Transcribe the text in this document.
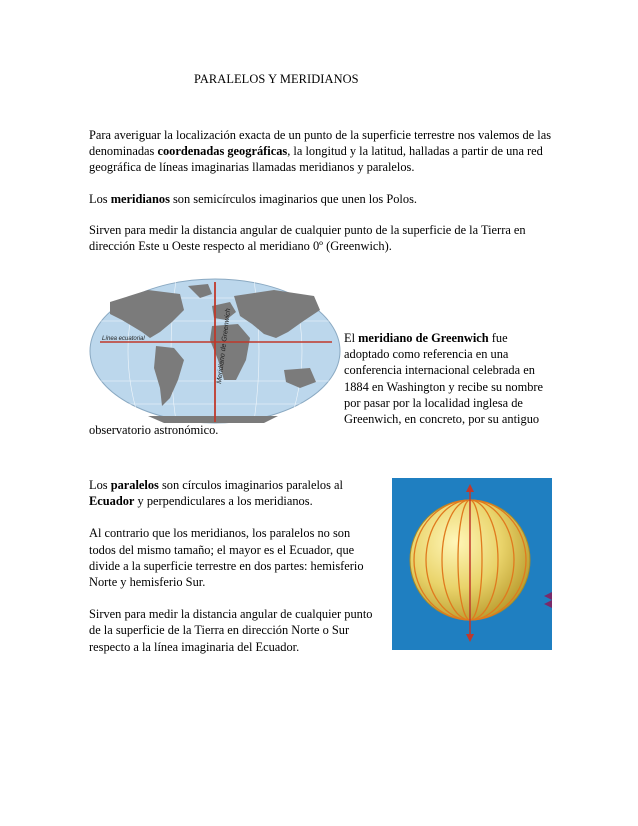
PARALELOS Y MERIDIANOS

Para averiguar la localización exacta de un punto de la superficie terrestre nos valemos de las denominadas coordenadas geográficas, la longitud y la latitud, halladas a partir de una red geográfica de líneas imaginarias llamadas meridianos y paralelos.

Los meridianos son semicírculos imaginarios que unen los Polos.

Sirven para medir la distancia angular de cualquier punto de la superficie de la Tierra en dirección Este u Oeste respecto al meridiano 0º (Greenwich).

Línea ecuatorial	Meridiano de Greenwich	El meridiano de Greenwich fue adoptado como referencia en una conferencia internacional celebrada en 1884 en Washington y recibe su nombre por pasar por la localidad inglesa de Greenwich, en concreto, por su antiguo
observatorio astronómico.

Los paralelos son círculos imaginarios paralelos al Ecuador y perpendiculares a los meridianos.

Al contrario que los meridianos, los paralelos no son todos del mismo tamaño; el mayor es el Ecuador, que divide a la superficie terrestre en dos partes: hemisferio Norte y hemisferio Sur.

Sirven para medir la distancia angular de cualquier punto de la superficie de la Tierra en dirección Norte o Sur respecto a la línea imaginaria del Ecuador.
